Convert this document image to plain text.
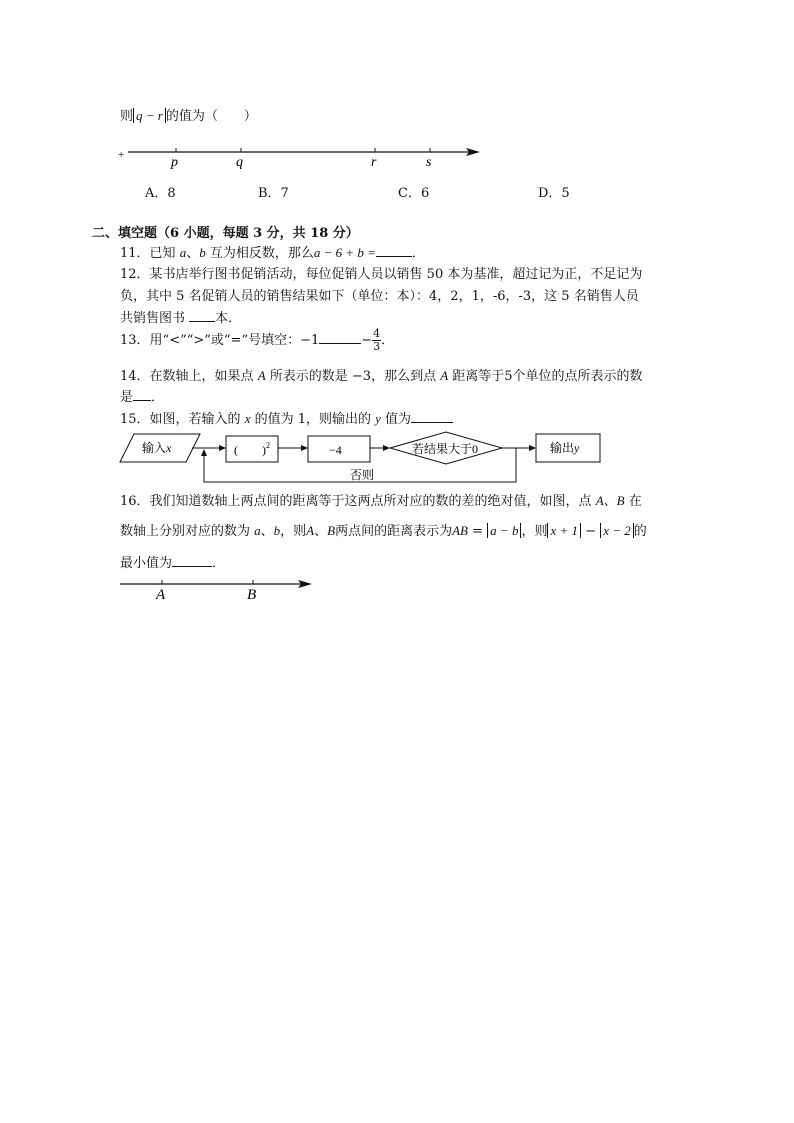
则 q − r 的值为（　　）
+	p	q	r	s
A．8	B．7	C．6	D．5
二、填空题（6 小题，每题 3 分，共 18 分）
11．已知 a、b 互为相反数，那么a − 6 + b =	．
12．某书店举行图书促销活动，每位促销人员以销售 50 本为基准，超过记为正，不足记为
负，其中 5 名促销人员的销售结果如下（单位：本）：4，2，1，-6，-3，这 5 名销售人员
共销售图书 本．
13．用“<”“>”或“=”号填空：−1	− $\frac{4}{3}$ ．
14．在数轴上，如果点 A 所表示的数是 −3，那么到点 A 距离等于5个单位的点所表示的数
是 ．
15．如图，若输入的 x 的值为 1，则输出的 y 值为
输入x	(　　)$^2$	−4	若结果大于0	输出y
否则
16．我们知道数轴上两点间的距离等于这两点所对应的数的差的绝对值，如图，点 A、B 在
数轴上分别对应的数为 a、b，则A、B两点间的距离表示为AB = a − b ，则 x + 1 − x − 2 的
最小值为	．
A	B
